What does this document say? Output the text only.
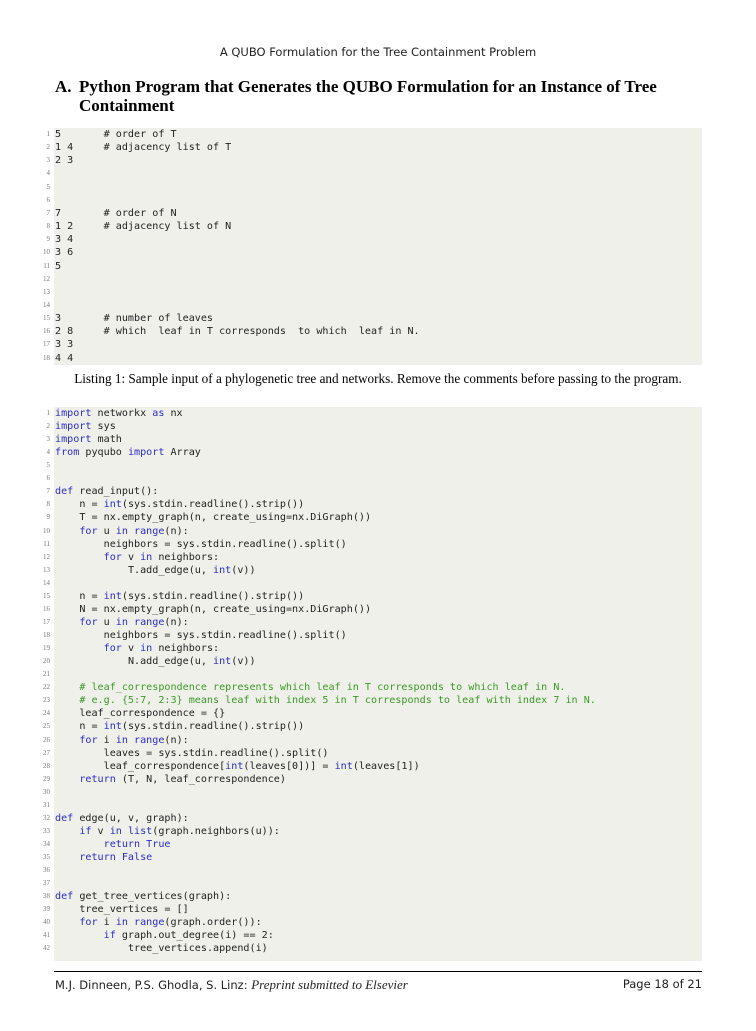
A QUBO Formulation for the Tree Containment Problem
A. Python Program that Generates the QUBO Formulation for an Instance of Tree Containment
1 5       # order of T
2 1 4     # adjacency list of T
3 2 3
4
5
6
7 7       # order of N
8 1 2     # adjacency list of N
9 3 4
10 3 6
11 5
12
13
14
15 3       # number of leaves
16 2 8     # which  leaf in T corresponds  to which  leaf in N.
17 3 3
18 4 4
Listing 1: Sample input of a phylogenetic tree and networks. Remove the comments before passing to the program.
1 import networkx as nx
2 import sys
3 import math
4 from pyqubo import Array
5
6
7 def read_input():
8	n = int(sys.stdin.readline().strip())
9	T = nx.empty_graph(n, create_using=nx.DiGraph())
10	for u in range(n):
11	neighbors = sys.stdin.readline().split()
12	for v in neighbors:
13	T.add_edge(u, int(v))
14
15	n = int(sys.stdin.readline().strip())
16	N = nx.empty_graph(n, create_using=nx.DiGraph())
17	for u in range(n):
18	neighbors = sys.stdin.readline().split()
19	for v in neighbors:
20	N.add_edge(u, int(v))
21
22	# leaf_correspondence represents which leaf in T corresponds to which leaf in N.
23	# e.g. {5:7, 2:3} means leaf with index 5 in T corresponds to leaf with index 7 in N.
24	leaf_correspondence = {}
25	n = int(sys.stdin.readline().strip())
26	for i in range(n):
27	leaves = sys.stdin.readline().split()
28	leaf_correspondence[int(leaves[0])] = int(leaves[1])
29	return (T, N, leaf_correspondence)
30
31
32 def edge(u, v, graph):
33	if v in list(graph.neighbors(u)):
34	return True
35	return False
36
37
38 def get_tree_vertices(graph):
39	tree_vertices = []
40	for i in range(graph.order()):
41	if graph.out_degree(i) == 2:
42	tree_vertices.append(i)
M.J. Dinneen, P.S. Ghodla, S. Linz: Preprint submitted to Elsevier	Page 18 of 21
